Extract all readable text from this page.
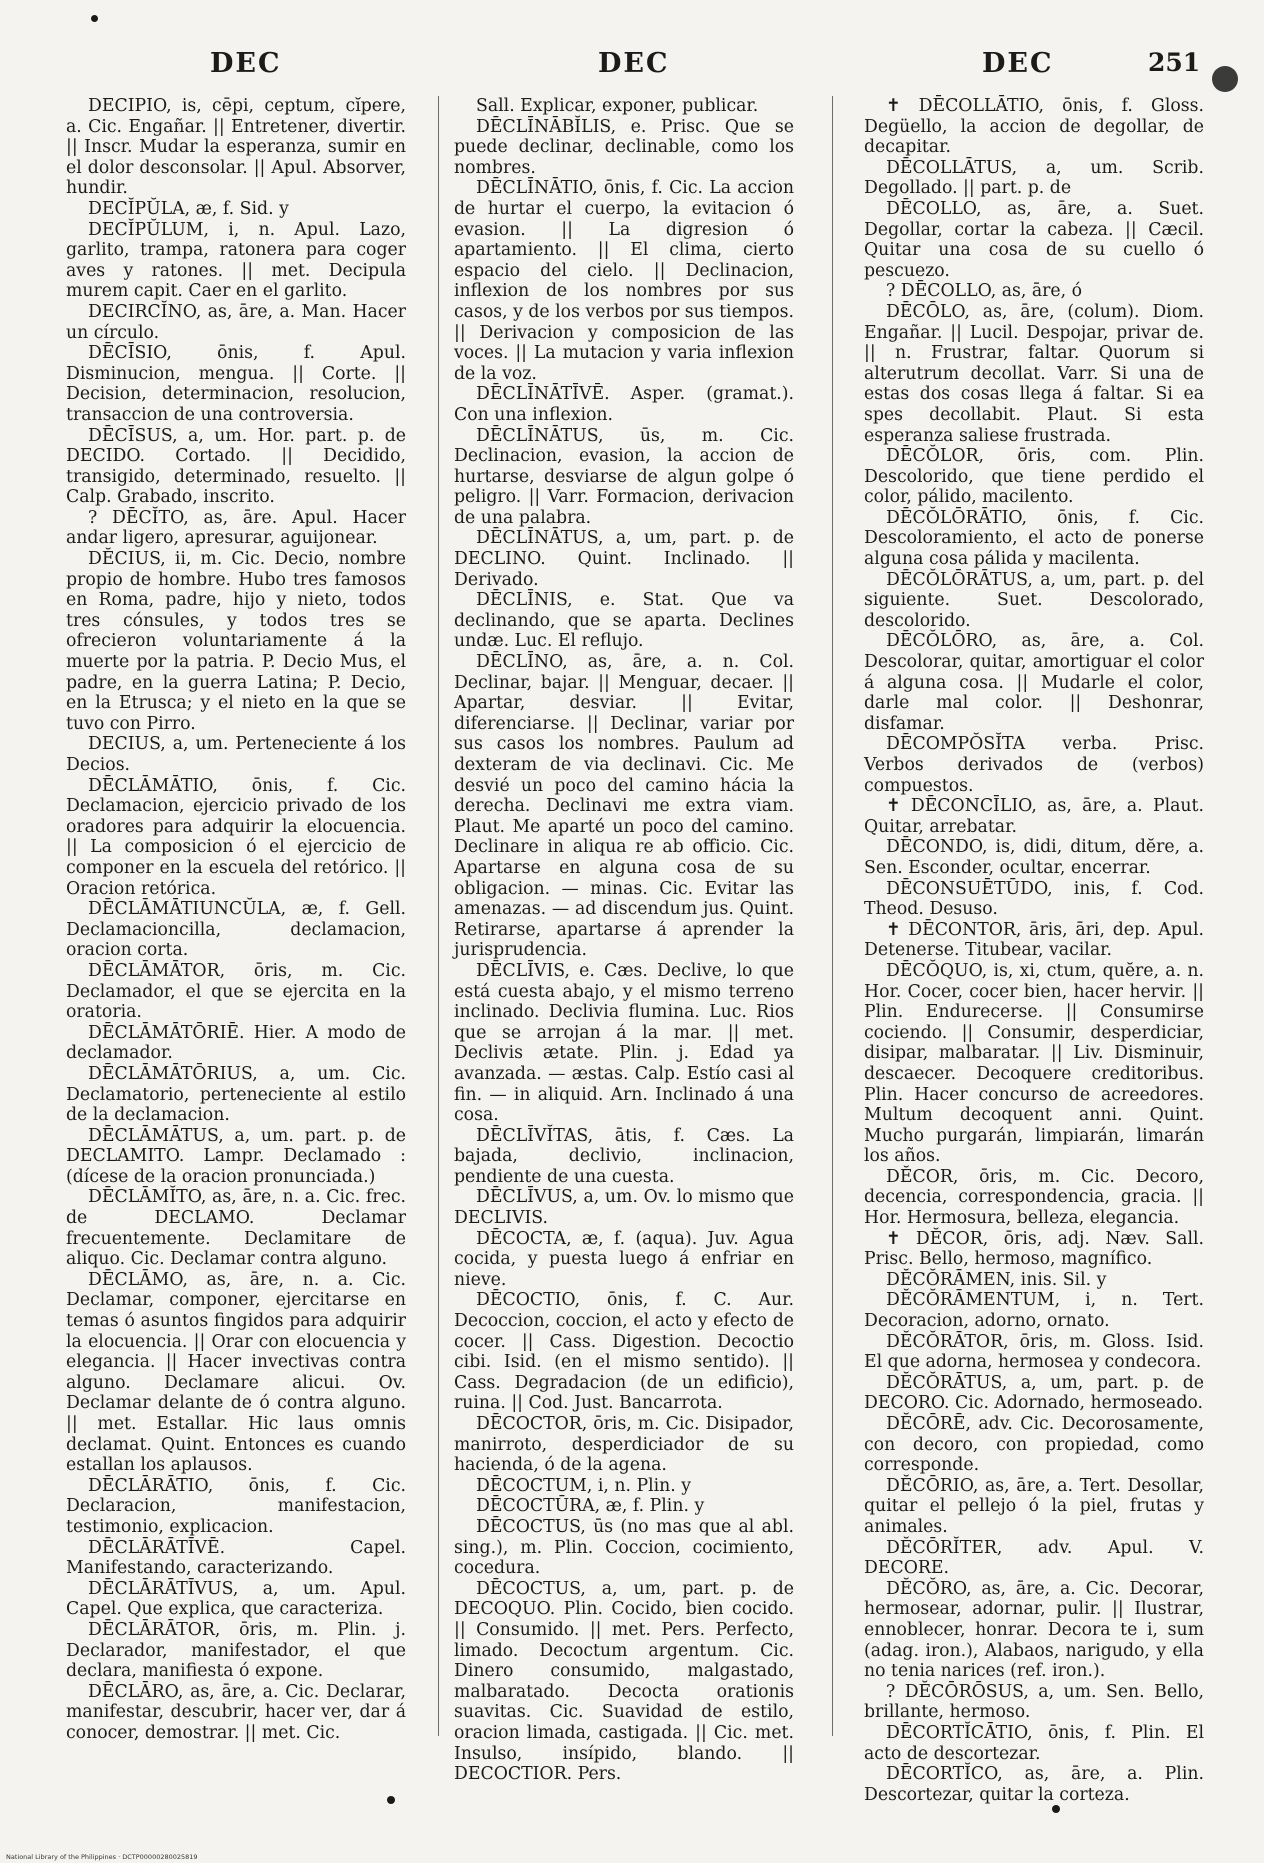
DEC	DEC	DEC	251

DECIPIO, is, cēpi, ceptum, cĭpere, a. Cic. Engañar. || Entretener, divertir. || Inscr. Mudar la esperanza, sumir en el dolor desconsolar. || Apul. Absorver, hundir.

DECĬPŬLA, æ, f. Sid. y

DECĬPŬLUM, i, n. Apul. Lazo, garlito, trampa, ratonera para coger aves y ratones. || met. Decipula murem capit. Caer en el garlito.

DECIRCĬNO, as, āre, a. Man. Hacer un círculo.

DĒCĪSIO, ōnis, f. Apul. Disminucion, mengua. || Corte. || Decision, determinacion, resolucion, transaccion de una controversia.

DĒCĪSUS, a, um. Hor. part. p. de DECIDO. Cortado. || Decidido, transigido, determinado, resuelto. || Calp. Grabado, inscrito.

? DĒCĬTO, as, āre. Apul. Hacer andar ligero, apresurar, aguijonear.

DĔCIUS, ii, m. Cic. Decio, nombre propio de hombre. Hubo tres famosos en Roma, padre, hijo y nieto, todos tres cónsules, y todos tres se ofrecieron voluntariamente á la muerte por la patria. P. Decio Mus, el padre, en la guerra Latina; P. Decio, en la Etrusca; y el nieto en la que se tuvo con Pirro.

DECIUS, a, um. Perteneciente á los Decios.

DĒCLĀMĀTIO, ōnis, f. Cic. Declamacion, ejercicio privado de los oradores para adquirir la elocuencia. || La composicion ó el ejercicio de componer en la escuela del retórico. || Oracion retórica.

DĒCLĀMĀTIUNCŬLA, æ, f. Gell. Declamacioncilla, declamacion, oracion corta.

DĒCLĀMĀTOR, ōris, m. Cic. Declamador, el que se ejercita en la oratoria.

DĒCLĀMĀTŌRIĒ. Hier. A modo de declamador.

DĒCLĀMĀTŌRIUS, a, um. Cic. Declamatorio, perteneciente al estilo de la declamacion.

DĒCLĀMĀTUS, a, um. part. p. de DECLAMITO. Lampr. Declamado : (dícese de la oracion pronunciada.)

DĒCLĀMĬTO, as, āre, n. a. Cic. frec. de DECLAMO. Declamar frecuentemente. Declamitare de aliquo. Cic. Declamar contra alguno.

DĒCLĀMO, as, āre, n. a. Cic. Declamar, componer, ejercitarse en temas ó asuntos fingidos para adquirir la elocuencia. || Orar con elocuencia y elegancia. || Hacer invectivas contra alguno. Declamare alicui. Ov. Declamar delante de ó contra alguno. || met. Estallar. Hic laus omnis declamat. Quint. Entonces es cuando estallan los aplausos.

DĒCLĀRĀTIO, ōnis, f. Cic. Declaracion, manifestacion, testimonio, explicacion.

DĒCLĀRĀTĪVĒ. Capel. Manifestando, caracterizando.

DĒCLĀRĀTĪVUS, a, um. Apul. Capel. Que explica, que caracteriza.

DĒCLĀRĀTOR, ōris, m. Plin. j. Declarador, manifestador, el que declara, manifiesta ó expone.

DĒCLĀRO, as, āre, a. Cic. Declarar, manifestar, descubrir, hacer ver, dar á conocer, demostrar. || met. Cic.

Sall. Explicar, exponer, publicar.

DĒCLĪNĀBĬLIS, e. Prisc. Que se puede declinar, declinable, como los nombres.

DĒCLĪNĀTIO, ōnis, f. Cic. La accion de hurtar el cuerpo, la evitacion ó evasion. || La digresion ó apartamiento. || El clima, cierto espacio del cielo. || Declinacion, inflexion de los nombres por sus casos, y de los verbos por sus tiempos. || Derivacion y composicion de las voces. || La mutacion y varia inflexion de la voz.

DĒCLĪNĀTĪVĒ. Asper. (gramat.). Con una inflexion.

DĒCLĪNĀTUS, ūs, m. Cic. Declinacion, evasion, la accion de hurtarse, desviarse de algun golpe ó peligro. || Varr. Formacion, derivacion de una palabra.

DĒCLĪNĀTUS, a, um, part. p. de DECLINO. Quint. Inclinado. || Derivado.

DĒCLĪNIS, e. Stat. Que va declinando, que se aparta. Declines undæ. Luc. El reflujo.

DĒCLĪNO, as, āre, a. n. Col. Declinar, bajar. || Menguar, decaer. || Apartar, desviar. || Evitar, diferenciarse. || Declinar, variar por sus casos los nombres. Paulum ad dexteram de via declinavi. Cic. Me desvié un poco del camino hácia la derecha. Declinavi me extra viam. Plaut. Me aparté un poco del camino. Declinare in aliqua re ab officio. Cic. Apartarse en alguna cosa de su obligacion. — minas. Cic. Evitar las amenazas. — ad discendum jus. Quint. Retirarse, apartarse á aprender la jurisprudencia.

DĒCLĪVIS, e. Cæs. Declive, lo que está cuesta abajo, y el mismo terreno inclinado. Declivia flumina. Luc. Rios que se arrojan á la mar. || met. Declivis ætate. Plin. j. Edad ya avanzada. — æstas. Calp. Estío casi al fin. — in aliquid. Arn. Inclinado á una cosa.

DĒCLĪVĬTAS, ātis, f. Cæs. La bajada, declivio, inclinacion, pendiente de una cuesta.

DĒCLĪVUS, a, um. Ov. lo mismo que DECLIVIS.

DĒCOCTA, æ, f. (aqua). Juv. Agua cocida, y puesta luego á enfriar en nieve.

DĒCOCTIO, ōnis, f. C. Aur. Decoccion, coccion, el acto y efecto de cocer. || Cass. Digestion. Decoctio cibi. Isid. (en el mismo sentido). || Cass. Degradacion (de un edificio), ruina. || Cod. Just. Bancarrota.

DĒCOCTOR, ōris, m. Cic. Disipador, manirroto, desperdiciador de su hacienda, ó de la agena.

DĒCOCTUM, i, n. Plin. y

DĒCOCTŪRA, æ, f. Plin. y

DĒCOCTUS, ūs (no mas que al abl. sing.), m. Plin. Coccion, cocimiento, cocedura.

DĒCOCTUS, a, um, part. p. de DECOQUO. Plin. Cocido, bien cocido. || Consumido. || met. Pers. Perfecto, limado. Decoctum argentum. Cic. Dinero consumido, malgastado, malbaratado. Decocta orationis suavitas. Cic. Suavidad de estilo, oracion limada, castigada. || Cic. met. Insulso, insípido, blando. || DECOCTIOR. Pers.

✝ DĒCOLLĀTIO, ōnis, f. Gloss. Degüello, la accion de degollar, de decapitar.

DĒCOLLĀTUS, a, um. Scrib. Degollado. || part. p. de

DĒCOLLO, as, āre, a. Suet. Degollar, cortar la cabeza. || Cæcil. Quitar una cosa de su cuello ó pescuezo.

? DĒCOLLO, as, āre, ó

DĒCŌLO, as, āre, (colum). Diom. Engañar. || Lucil. Despojar, privar de. || n. Frustrar, faltar. Quorum si alterutrum decollat. Varr. Si una de estas dos cosas llega á faltar. Si ea spes decollabit. Plaut. Si esta esperanza saliese frustrada.

DĒCŎLOR, ōris, com. Plin. Descolorido, que tiene perdido el color, pálido, macilento.

DĒCŎLŌRĀTIO, ōnis, f. Cic. Descoloramiento, el acto de ponerse alguna cosa pálida y macilenta.

DĒCŎLŌRĀTUS, a, um, part. p. del siguiente. Suet. Descolorado, descolorido.

DĒCŎLŌRO, as, āre, a. Col. Descolorar, quitar, amortiguar el color á alguna cosa. || Mudarle el color, darle mal color. || Deshonrar, disfamar.

DĒCOMPŎSĬTA verba. Prisc. Verbos derivados de (verbos) compuestos.

✝ DĒCONCĪLIO, as, āre, a. Plaut. Quitar, arrebatar.

DĒCONDO, is, didi, ditum, dĕre, a. Sen. Esconder, ocultar, encerrar.

DĒCONSUĒTŪDO, inis, f. Cod. Theod. Desuso.

✝ DĒCONTOR, āris, āri, dep. Apul. Detenerse. Titubear, vacilar.

DĒCŎQUO, is, xi, ctum, quĕre, a. n. Hor. Cocer, cocer bien, hacer hervir. || Plin. Endurecerse. || Consumirse cociendo. || Consumir, desperdiciar, disipar, malbaratar. || Liv. Disminuir, descaecer. Decoquere creditoribus. Plin. Hacer concurso de acreedores. Multum decoquent anni. Quint. Mucho purgarán, limpiarán, limarán los años.

DĔCOR, ōris, m. Cic. Decoro, decencia, correspondencia, gracia. || Hor. Hermosura, belleza, elegancia.

✝ DĔCOR, ōris, adj. Næv. Sall. Prisc. Bello, hermoso, magnífico.

DĔCŎRĀMEN, inis. Sil. y

DĔCŎRĀMENTUM, i, n. Tert. Decoracion, adorno, ornato.

DĔCŎRĀTOR, ōris, m. Gloss. Isid. El que adorna, hermosea y condecora.

DĔCŎRĀTUS, a, um, part. p. de DECORO. Cic. Adornado, hermoseado.

DĔCŌRĒ, adv. Cic. Decorosamente, con decoro, con propiedad, como corresponde.

DĔCŌRIO, as, āre, a. Tert. Desollar, quitar el pellejo ó la piel, frutas y animales.

DĔCŌRĬTER, adv. Apul. V. DECORE.

DĔCŎRO, as, āre, a. Cic. Decorar, hermosear, adornar, pulir. || Ilustrar, ennoblecer, honrar. Decora te i, sum (adag. iron.), Alabaos, narigudo, y ella no tenia narices (ref. iron.).

? DĔCŌRŌSUS, a, um. Sen. Bello, brillante, hermoso.

DĒCORTĬCĀTIO, ōnis, f. Plin. El acto de descortezar.

DĒCORTĬCO, as, āre, a. Plin. Descortezar, quitar la corteza.

National Library of the Philippines · DCTP00000280025819
